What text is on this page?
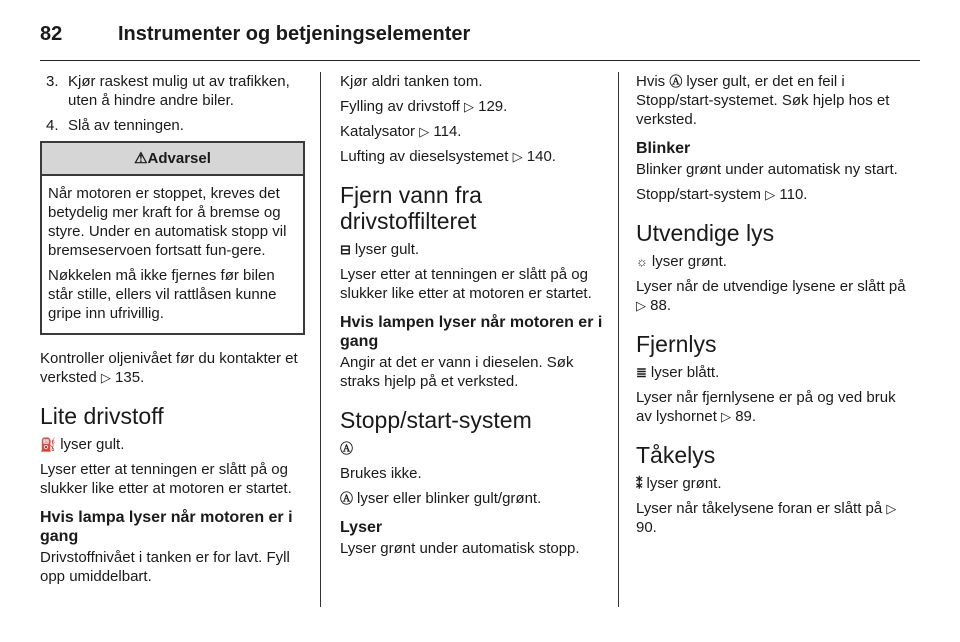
82	Instrumenter og betjeningselementer
3. Kjør raskest mulig ut av trafikken, uten å hindre andre biler.
4. Slå av tenningen.
⚠Advarsel

Når motoren er stoppet, kreves det betydelig mer kraft for å bremse og styre. Under en automatisk stopp vil bremseservoen fortsatt fun-gere.

Nøkkelen må ikke fjernes før bilen står stille, ellers vil rattlåsen kunne gripe inn ufrivillig.

Kontroller oljenivået før du kontakter et verksted ▷ 135.

Lite drivstoff

⛽ lyser gult.

Lyser etter at tenningen er slått på og slukker like etter at motoren er startet.

Hvis lampa lyser når motoren er i gang

Drivstoffnivået i tanken er for lavt. Fyll opp umiddelbart.

Kjør aldri tanken tom.

Fylling av drivstoff ▷ 129.

Katalysator ▷ 114.

Lufting av dieselsystemet ▷ 140.

Fjern vann fra drivstoffilteret

⊟ lyser gult.

Lyser etter at tenningen er slått på og slukker like etter at motoren er startet.

Hvis lampen lyser når motoren er i gang

Angir at det er vann i dieselen. Søk straks hjelp på et verksted.

Stopp/start-system

Ⓐ

Brukes ikke.

Ⓐ lyser eller blinker gult/grønt.

Lyser

Lyser grønt under automatisk stopp.

Hvis Ⓐ lyser gult, er det en feil i Stopp/start-systemet. Søk hjelp hos et verksted.

Blinker

Blinker grønt under automatisk ny start.

Stopp/start-system ▷ 110.

Utvendige lys

☼ lyser grønt.

Lyser når de utvendige lysene er slått på ▷ 88.

Fjernlys

≣ lyser blått.

Lyser når fjernlysene er på og ved bruk av lyshornet ▷ 89.

Tåkelys

⁑ lyser grønt.

Lyser når tåkelysene foran er slått på ▷ 90.
